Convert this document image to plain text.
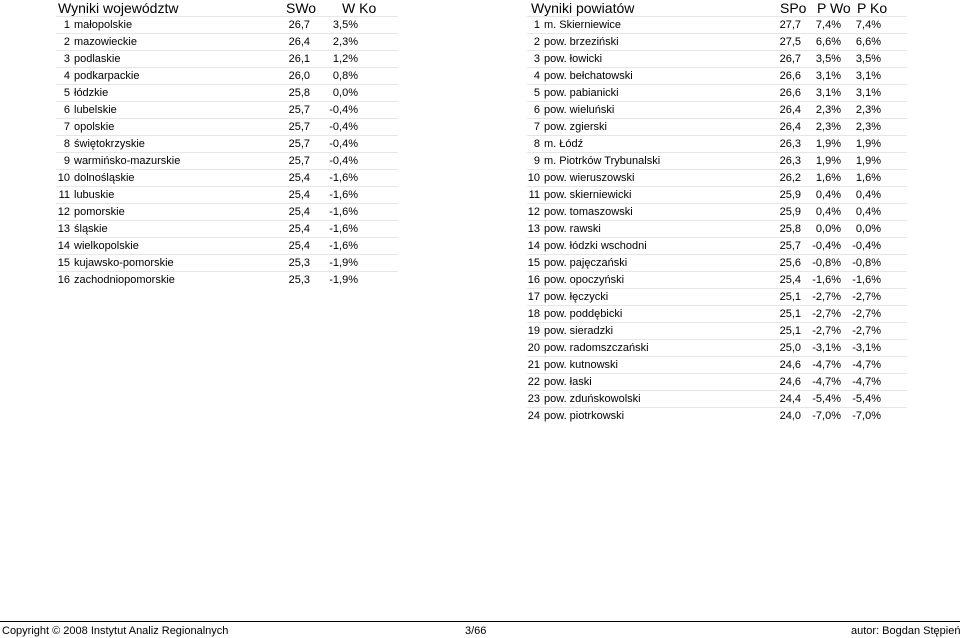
Wyniki województw	SWo W Ko
1 małopolskie	26,7 3,5%
2 mazowieckie	26,4 2,3%
3 podlaskie	26,1 1,2%
4 podkarpackie	26,0 0,8%
5 łódzkie	25,8 0,0%
6 lubelskie	25,7 -0,4%
7 opolskie	25,7 -0,4%
8 świętokrzyskie	25,7 -0,4%
9 warmińsko-mazurskie	25,7 -0,4%
10 dolnośląskie	25,4 -1,6%
11 lubuskie	25,4 -1,6%
12 pomorskie	25,4 -1,6%
13 śląskie	25,4 -1,6%
14 wielkopolskie	25,4 -1,6%
15 kujawsko-pomorskie	25,3 -1,9%
16 zachodniopomorskie	25,3 -1,9%
Wyniki powiatów	SPo P Wo P Ko
1 m. Skierniewice	27,7 7,4% 7,4%
2 pow. brzeziński	27,5 6,6% 6,6%
3 pow. łowicki	26,7 3,5% 3,5%
4 pow. bełchatowski	26,6 3,1% 3,1%
5 pow. pabianicki	26,6 3,1% 3,1%
6 pow. wieluński	26,4 2,3% 2,3%
7 pow. zgierski	26,4 2,3% 2,3%
8 m. Łódź	26,3 1,9% 1,9%
9 m. Piotrków Trybunalski	26,3 1,9% 1,9%
10 pow. wieruszowski	26,2 1,6% 1,6%
11 pow. skierniewicki	25,9 0,4% 0,4%
12 pow. tomaszowski	25,9 0,4% 0,4%
13 pow. rawski	25,8 0,0% 0,0%
14 pow. łódzki wschodni	25,7 -0,4% -0,4%
15 pow. pajęczański	25,6 -0,8% -0,8%
16 pow. opoczyński	25,4 -1,6% -1,6%
17 pow. łęczycki	25,1 -2,7% -2,7%
18 pow. poddębicki	25,1 -2,7% -2,7%
19 pow. sieradzki	25,1 -2,7% -2,7%
20 pow. radomszczański	25,0 -3,1% -3,1%
21 pow. kutnowski	24,6 -4,7% -4,7%
22 pow. łaski	24,6 -4,7% -4,7%
23 pow. zduńskowolski	24,4 -5,4% -5,4%
24 pow. piotrkowski	24,0 -7,0% -7,0%
Copyright © 2008 Instytut Analiz Regionalnych	3/66	autor: Bogdan Stępień
